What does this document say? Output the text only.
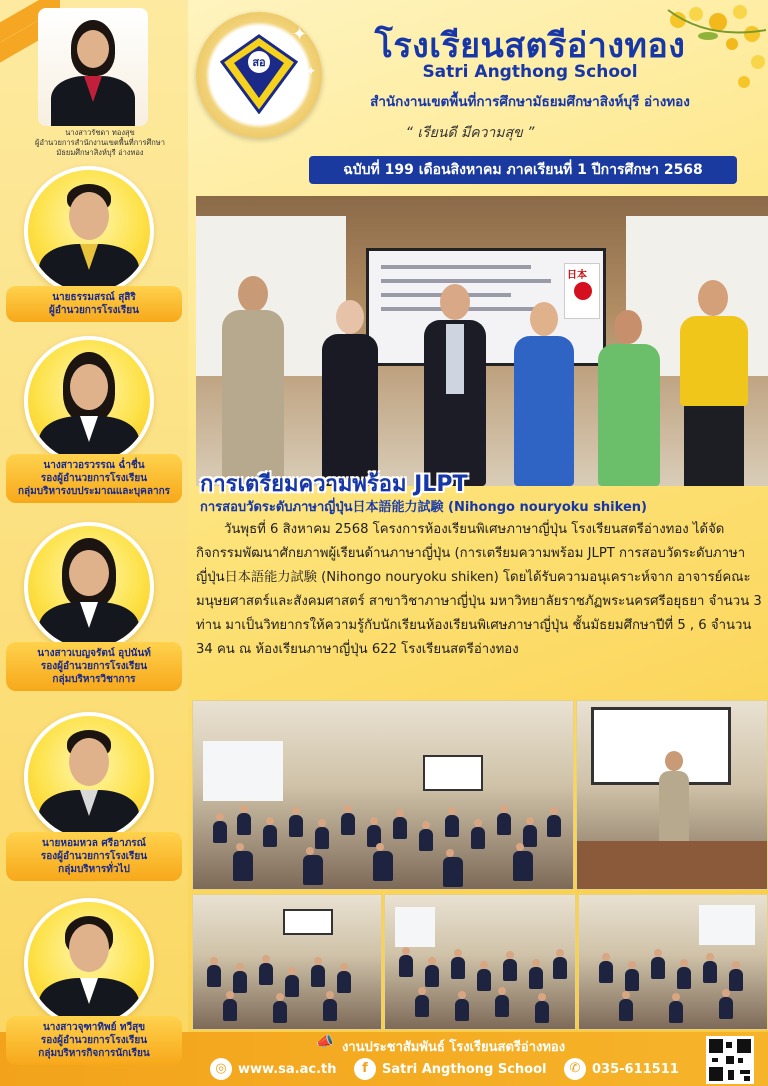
นางสาวรัชดา ทองสุข
ผู้อำนวยการสำนักงานเขตพื้นที่การศึกษา
มัธยมศึกษาสิงห์บุรี อ่างทอง
นายธรรมสรณ์ สุสิริ
ผู้อำนวยการโรงเรียน
นางสาวอรวรรณ ฉ่ำชื่น
รองผู้อำนวยการโรงเรียน
กลุ่มบริหารงบประมาณและบุคลากร
นางสาวเบญจรัตน์ อุปนันท์
รองผู้อำนวยการโรงเรียน
กลุ่มบริหารวิชาการ
นายหอมหวล ศรีอาภรณ์
รองผู้อำนวยการโรงเรียน
กลุ่มบริหารทั่วไป
นางสาวจุฑาทิพย์ ทวีสุข
รองผู้อำนวยการโรงเรียน
กลุ่มบริหารกิจการนักเรียน
สอ
✦
✦
โรงเรียนสตรีอ่างทอง
Satri Angthong School
สำนักงานเขตพื้นที่การศึกษามัธยมศึกษาสิงห์บุรี อ่างทอง
“ เรียนดี มีความสุข ”
ฉบับที่ 199 เดือนสิงหาคม ภาคเรียนที่ 1 ปีการศึกษา 2568
日本
การเตรียมความพร้อม JLPT
การสอบวัดระดับภาษาญี่ปุ่น日本語能力試験 (Nihongo nouryoku shiken)
วันพุธที่ 6 สิงหาคม 2568 โครงการห้องเรียนพิเศษภาษาญี่ปุ่น โรงเรียนสตรีอ่างทอง ได้จัดกิจกรรมพัฒนาศักยภาพผู้เรียนด้านภาษาญี่ปุ่น (การเตรียมความพร้อม JLPT การสอบวัดระดับภาษาญี่ปุ่น日本語能力試験 (Nihongo nouryoku shiken) โดยได้รับความอนุเคราะห์จาก อาจารย์คณะมนุษยศาสตร์และสังคมศาสตร์ สาขาวิชาภาษาญี่ปุ่น มหาวิทยาลัยราชภัฏพระนครศรีอยุธยา จำนวน 3 ท่าน มาเป็นวิทยากรให้ความรู้กับนักเรียนห้องเรียนพิเศษภาษาญี่ปุ่น ชั้นมัธยมศึกษาปีที่ 5 , 6 จำนวน 34 คน ณ ห้องเรียนภาษาญี่ปุ่น 622 โรงเรียนสตรีอ่างทอง
📣 งานประชาสัมพันธ์ โรงเรียนสตรีอ่างทอง
◎ www.sa.ac.th	f	Satri Angthong School	✆ 035-611511
